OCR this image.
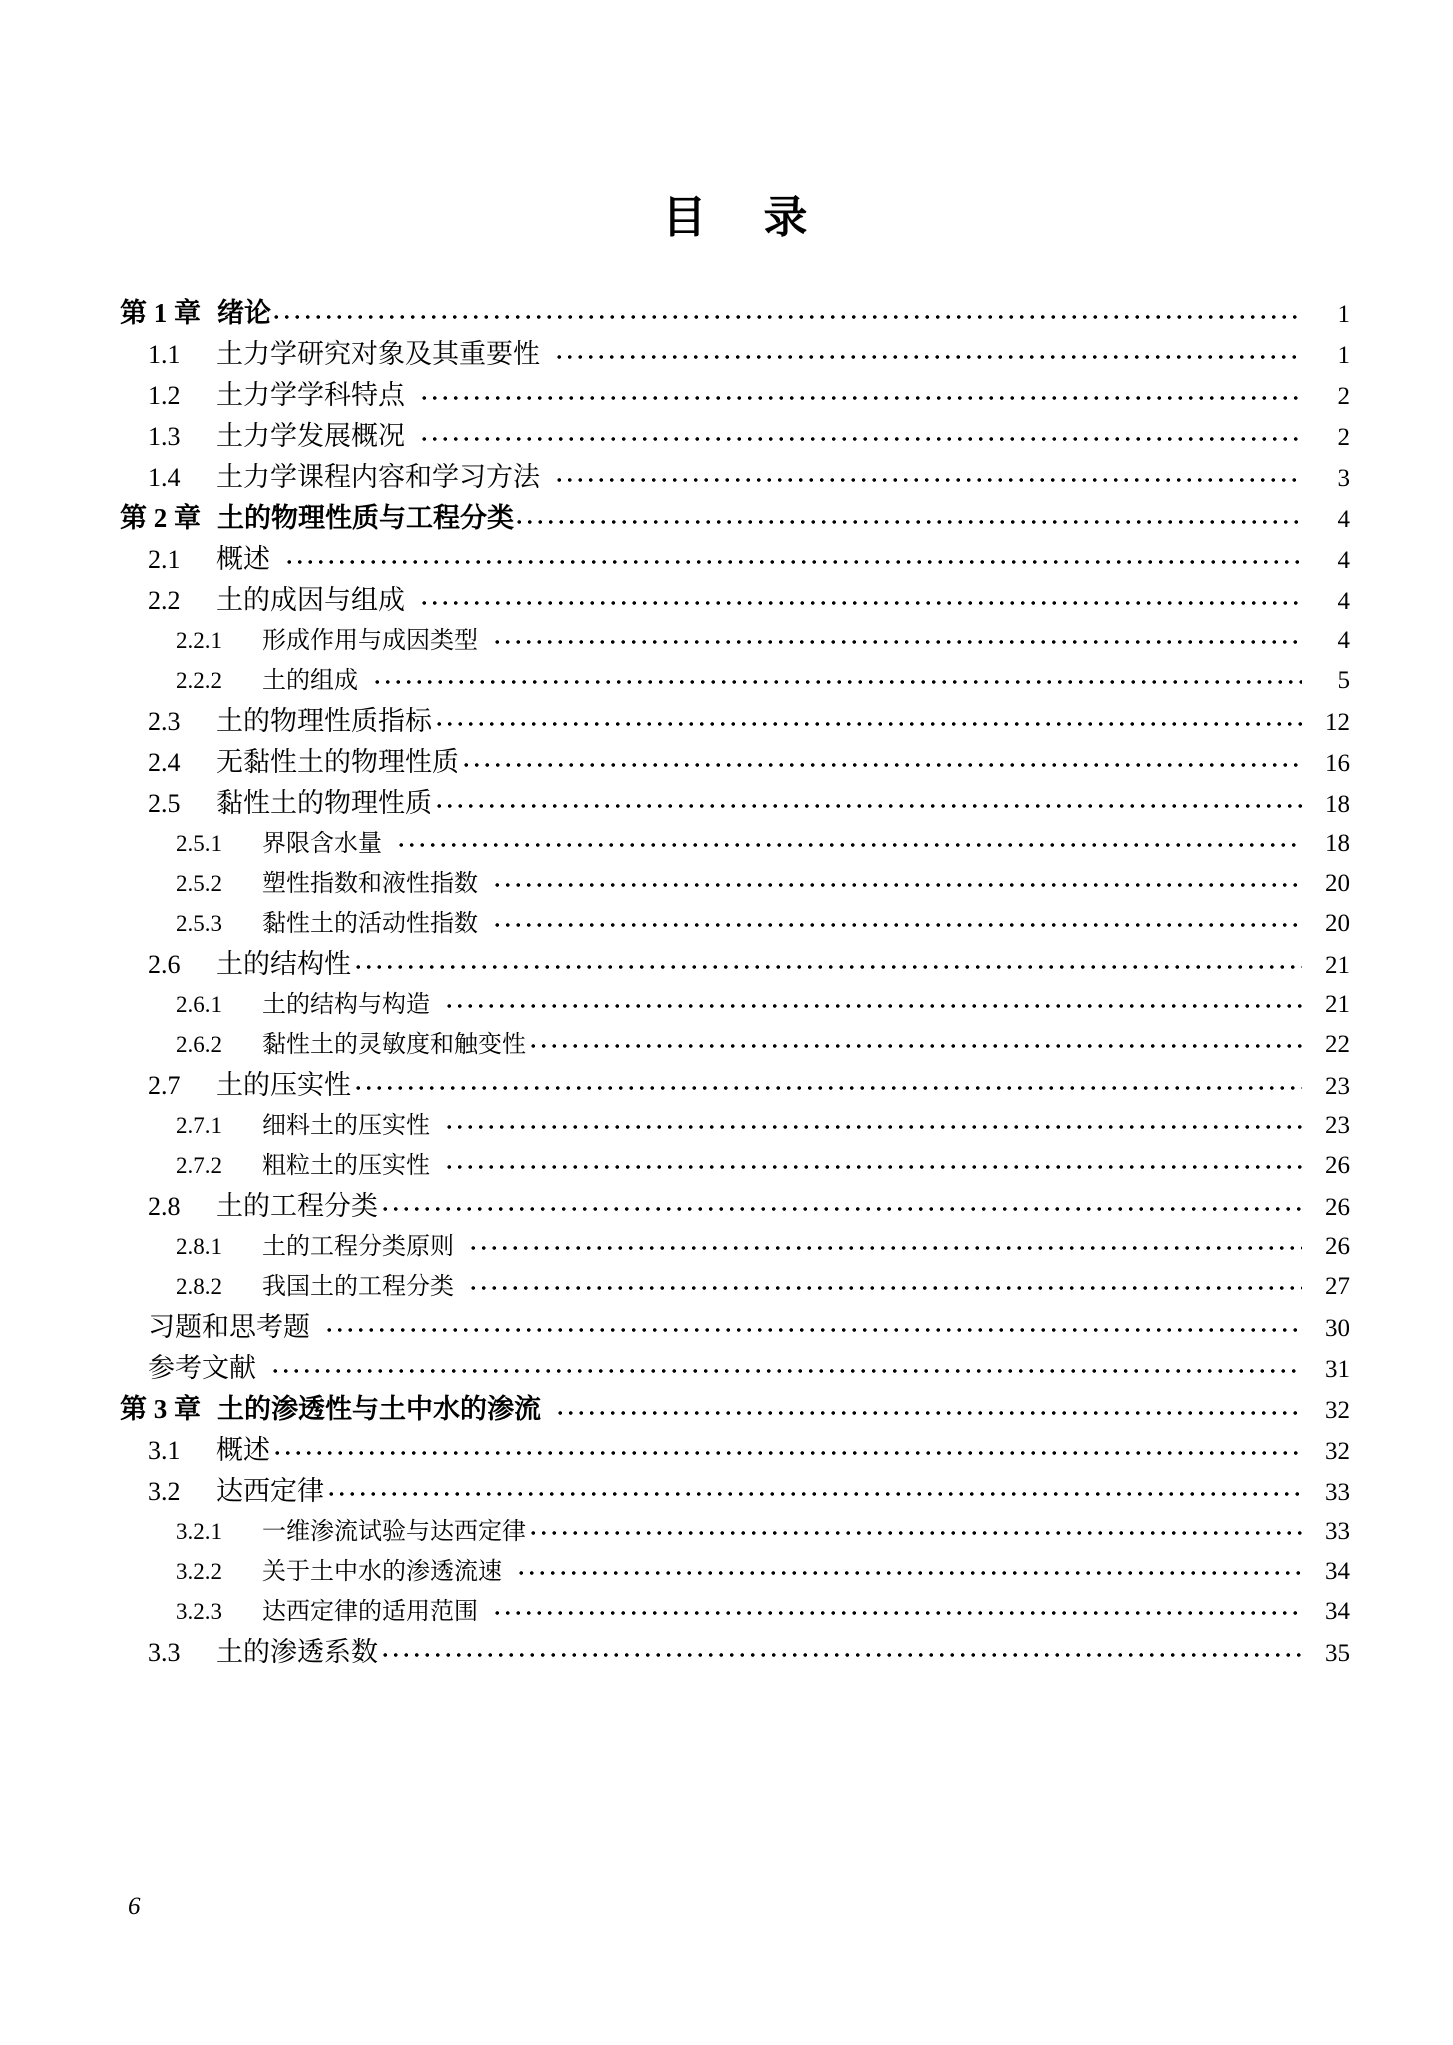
目 录
第 1 章 绪论	1
1.1	土力学研究对象及其重要性	1
1.2	土力学学科特点	2
1.3	土力学发展概况	2
1.4	土力学课程内容和学习方法	3
第 2 章 土的物理性质与工程分类	4
2.1	概述	4
2.2	土的成因与组成	4
2.2.1	形成作用与成因类型	4
2.2.2	土的组成	5
2.3	土的物理性质指标	12
2.4	无黏性土的物理性质	16
2.5	黏性土的物理性质	18
2.5.1	界限含水量	18
2.5.2	塑性指数和液性指数	20
2.5.3	黏性土的活动性指数	20
2.6	土的结构性	21
2.6.1	土的结构与构造	21
2.6.2	黏性土的灵敏度和触变性	22
2.7	土的压实性	23
2.7.1	细料土的压实性	23
2.7.2	粗粒土的压实性	26
2.8	土的工程分类	26
2.8.1	土的工程分类原则	26
2.8.2	我国土的工程分类	27
习题和思考题	30
参考文献	31
第 3 章 土的渗透性与土中水的渗流	32
3.1	概述	32
3.2	达西定律	33
3.2.1	一维渗流试验与达西定律	33
3.2.2	关于土中水的渗透流速	34
3.2.3	达西定律的适用范围	34
3.3	土的渗透系数	35
6
